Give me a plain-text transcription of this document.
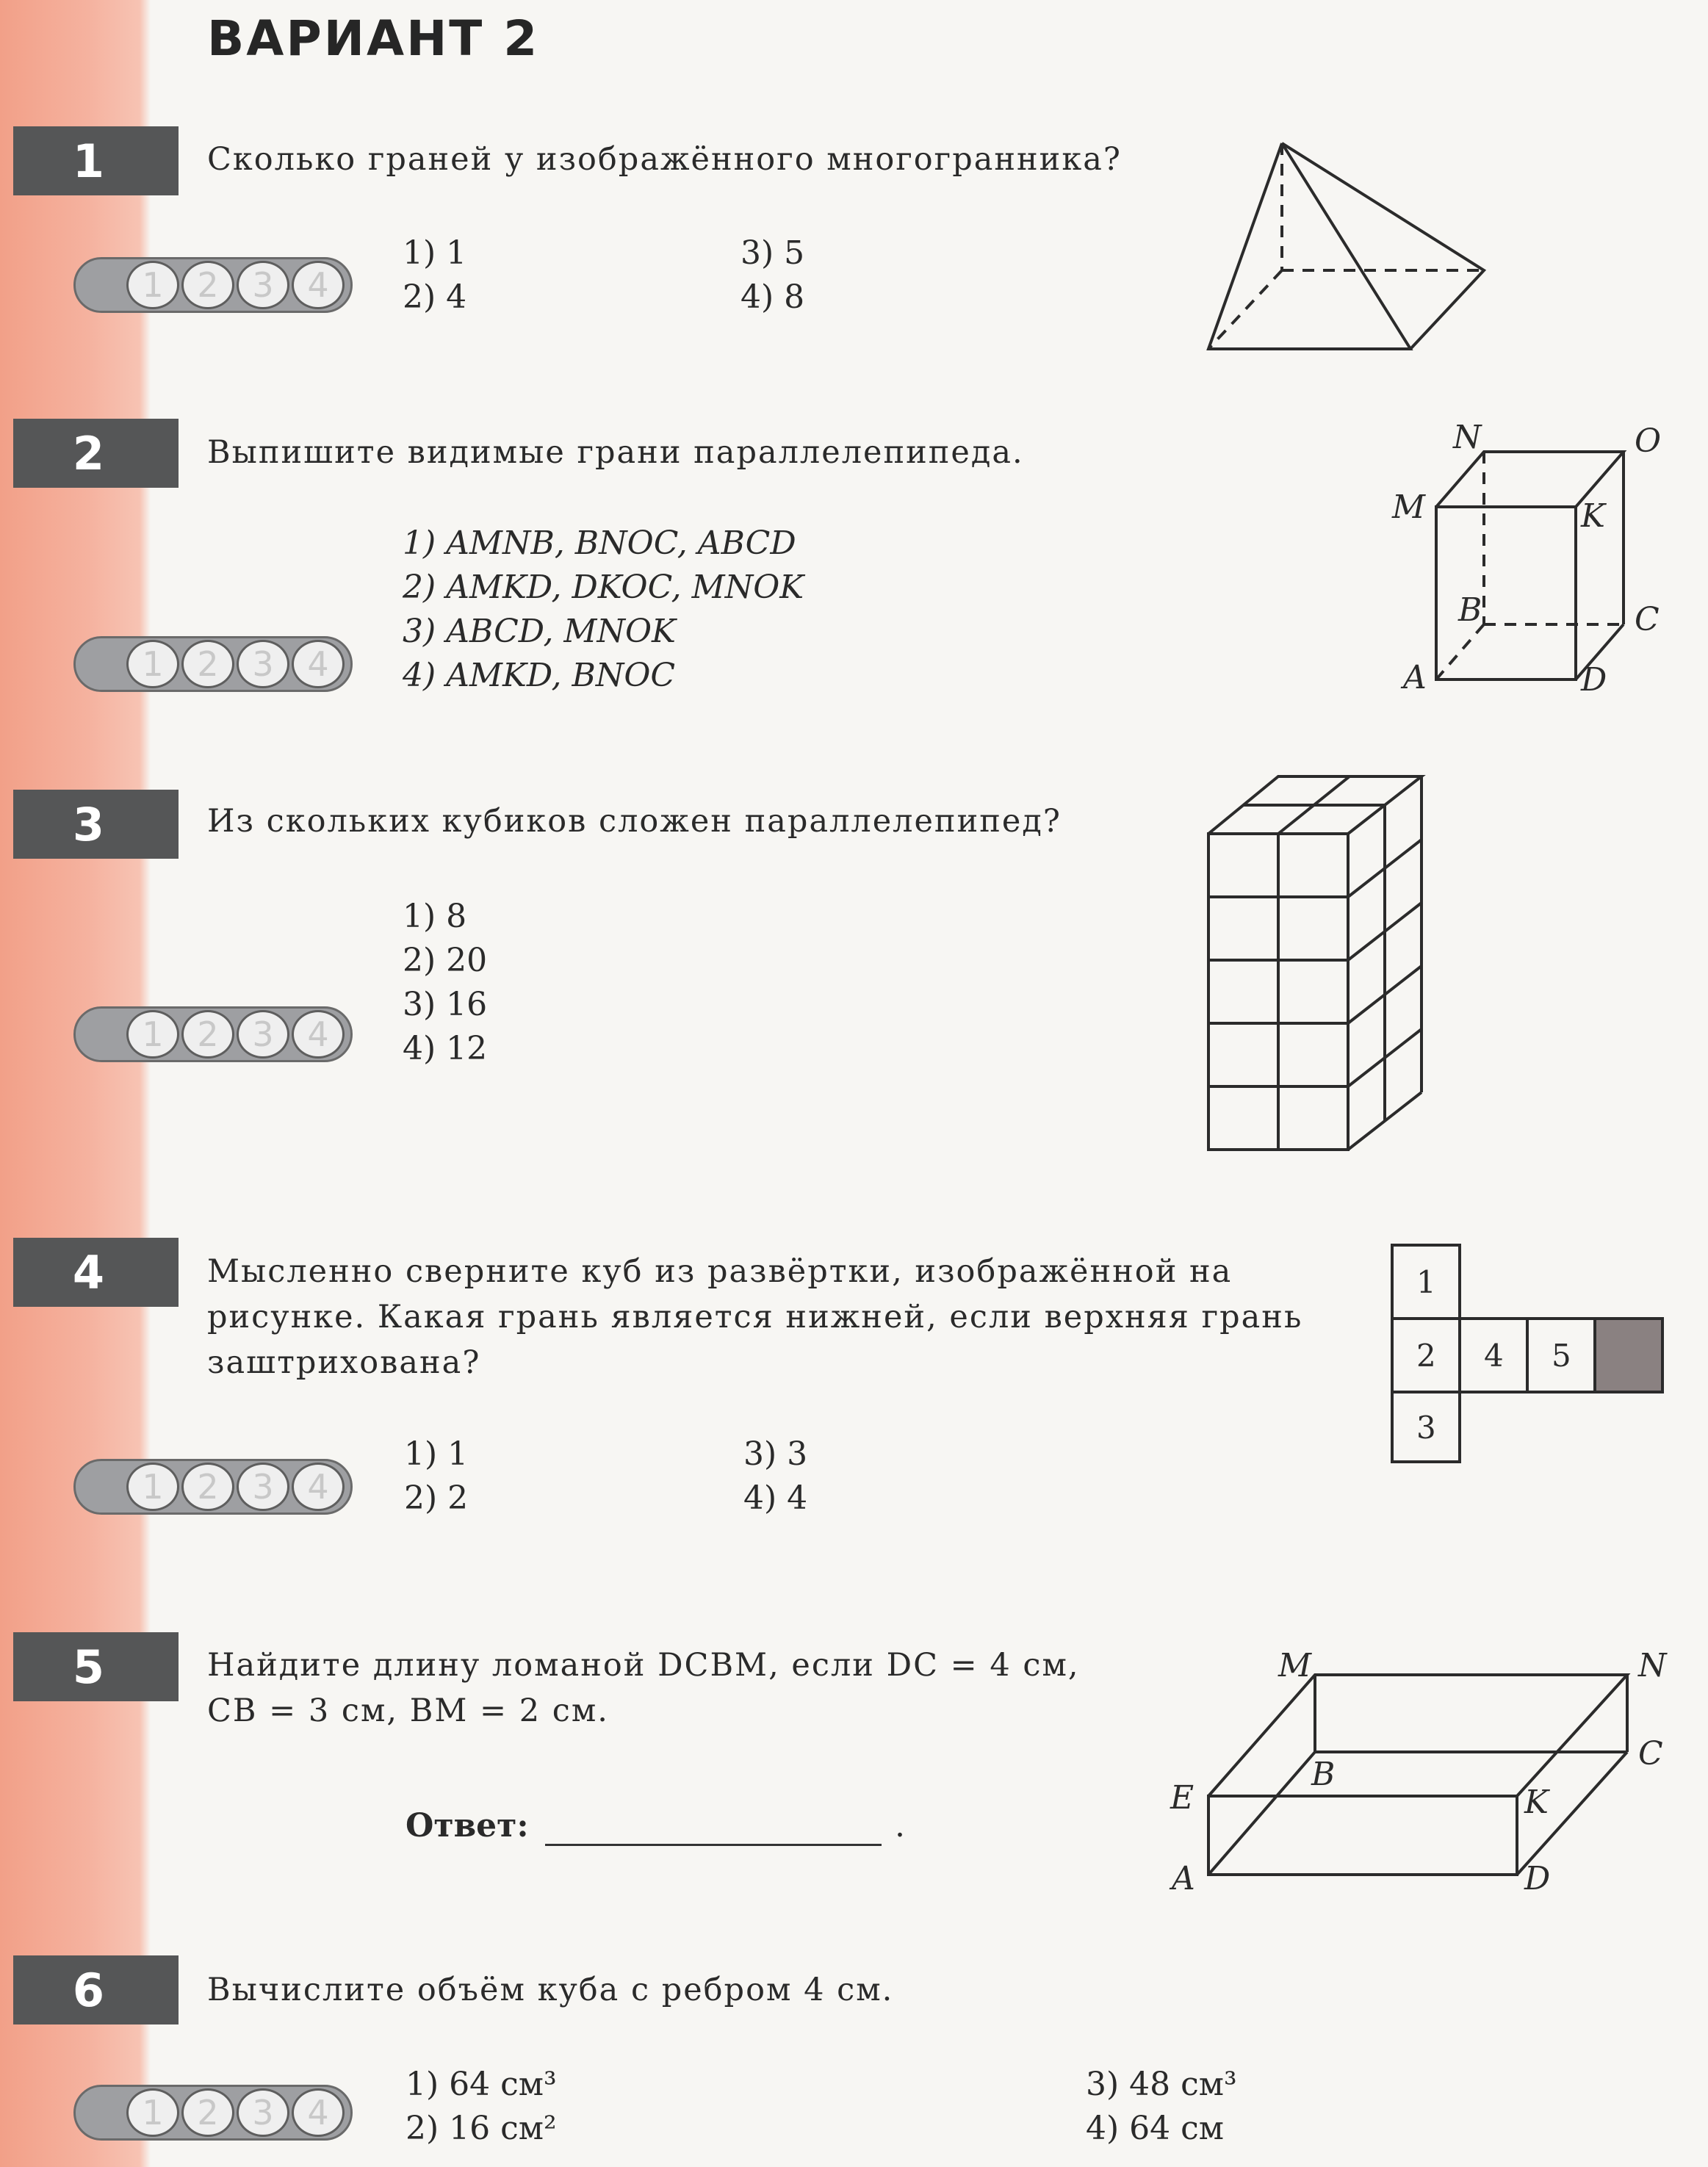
ВАРИАНТ 2
1	Сколько граней у изображённого многогранника?
1 2 3 4
1) 1
2) 4
3) 5
4) 8
2	Выпишите видимые грани параллелепипеда.
1 2 3 4
1) AMNB, BNOC, ABCD
2) AMKD, DKOC, MNOK
3) ABCD, MNOK
4) AMKD, BNOC
N	O
M	K
B	C
A	D
3	Из скольких кубиков сложен параллелепипед?
1 2 3 4
1) 8
2) 20
3) 16
4) 12
4	Мысленно сверните куб из развёртки, изображённой на
рисунке. Какая грань является нижней, если верхняя грань
заштрихована?
1 2 3 4
1) 1
2) 2
3) 3
4) 4
1
2 4 5
3
5	Найдите длину ломаной DCBM, если DC = 4 см,
CB = 3 см, BM = 2 см.
Ответ:	.
M	N
E
B
C
K
A	D
6	Вычислите объём куба с ребром 4 см.
1 2 3 4
1) 64 см³
2) 16 см²
3) 48 см³
4) 64 см
